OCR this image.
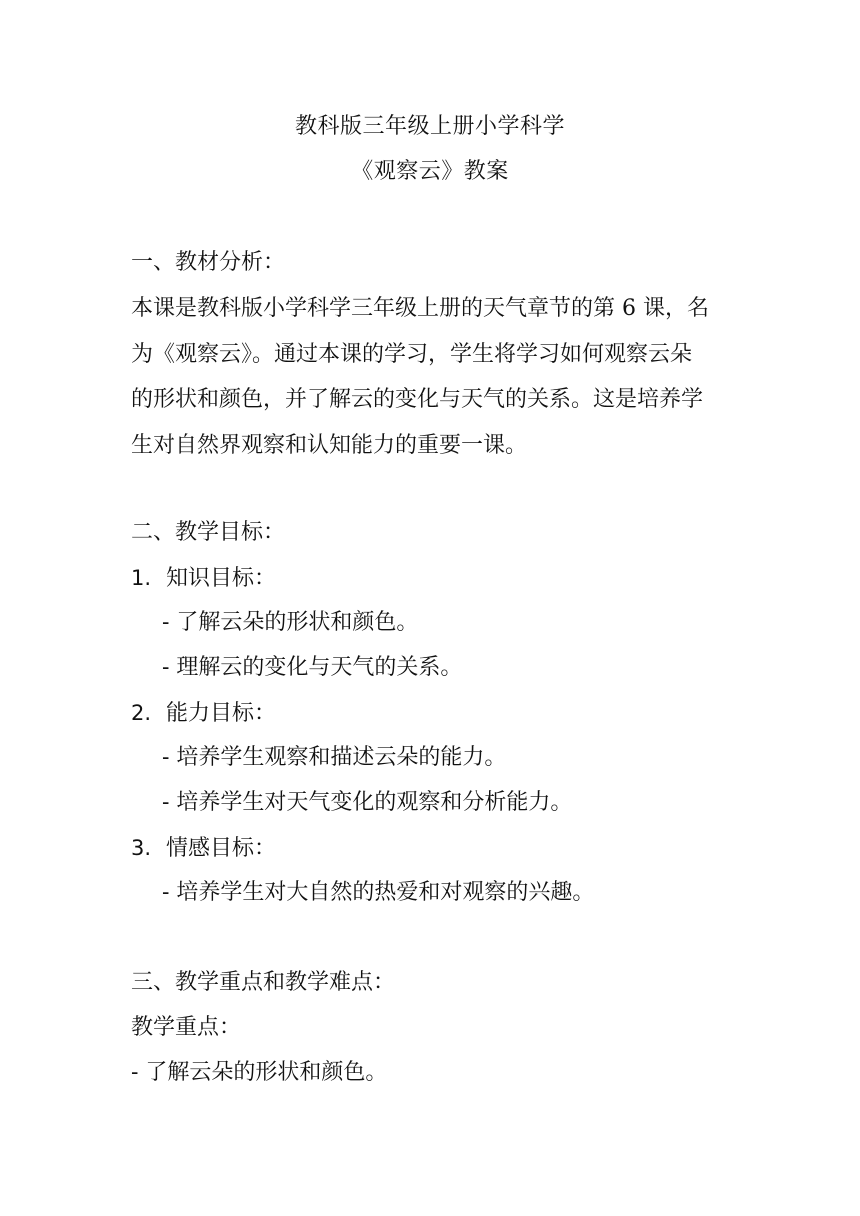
教科版三年级上册小学科学
《观察云》教案
一、教材分析：
本课是教科版小学科学三年级上册的天气章节的第 6 课，名
为《观察云》。通过本课的学习，学生将学习如何观察云朵
的形状和颜色，并了解云的变化与天气的关系。这是培养学
生对自然界观察和认知能力的重要一课。
二、教学目标：
1. 知识目标：
- 了解云朵的形状和颜色。
- 理解云的变化与天气的关系。
2. 能力目标：
- 培养学生观察和描述云朵的能力。
- 培养学生对天气变化的观察和分析能力。
3. 情感目标：
- 培养学生对大自然的热爱和对观察的兴趣。
三、教学重点和教学难点：
教学重点：
- 了解云朵的形状和颜色。
